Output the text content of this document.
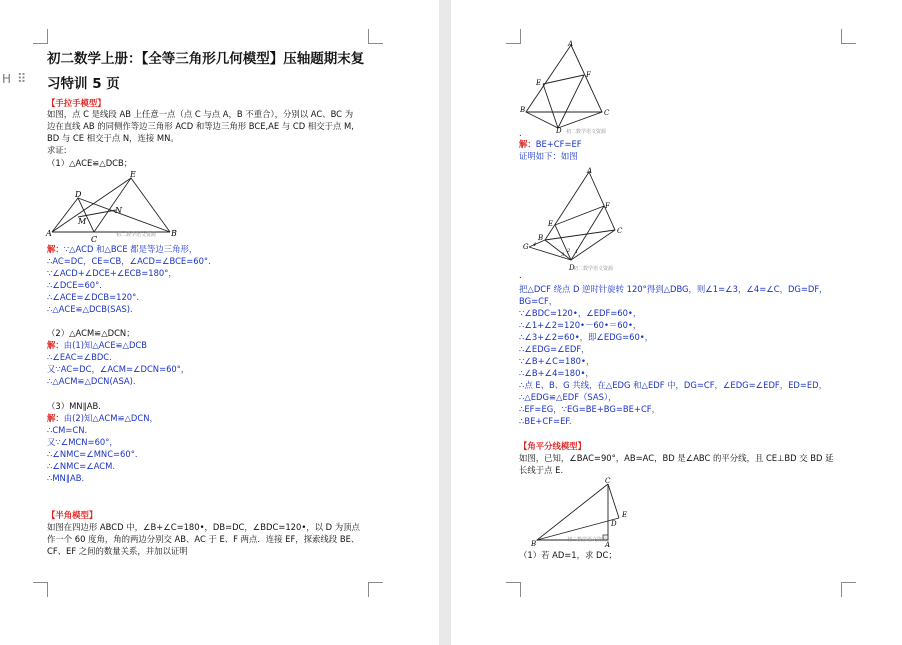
H ⠿
初二数学上册：【全等三角形几何模型】压轴题期末复
习特训 5 页
【手拉手模型】
如图，点 C 是线段 AB 上任意一点（点 C 与点 A，B 不重合），分别以 AC、BC 为
边在直线 AB 的同侧作等边三角形 ACD 和等边三角形 BCE,AE 与 CD 相交于点 M,
BD 与 CE 相交于点 N，连接 MN。
求证:
（1）△ACE≌△DCB；
A
D
M
C
N
E
B
初二数学语文资源
解：∵△ACD 和△BCE 都是等边三角形，
∴AC=DC，CE=CB，∠ACD=∠BCE=60°.
∵∠ACD+∠DCE+∠ECB=180°，
∴∠DCE=60°.
∴∠ACE=∠DCB=120°.
∴△ACE≌△DCB(SAS).
（2）△ACM≌△DCN；
解：由(1)知△ACE≌△DCB
∴∠EAC=∠BDC.
又∵AC=DC，∠ACM=∠DCN=60°，
∴△ACM≌△DCN(ASA).
（3）MN∥AB.
解：由(2)知△ACM≌△DCN，
∴CM=CN.
又∵∠MCN=60°，
∴∠NMC=∠MNC=60°.
∴∠NMC=∠ACM.
∴MN∥AB.
【半角模型】
如图在四边形 ABCD 中，∠B+∠C=180•，DB=DC，∠BDC=120•，以 D 为顶点
作一个 60 度角，角的两边分别交 AB、AC 于 E、F 两点．连接 EF，探索线段 BE、
CF、EF 之间的数量关系，并加以证明
A
E
F
B	C
D 初二数学语文资源
.
解：BE+CF=EF
证明如下：如图
A
F
E
G
B
C
D
1
2
3
4
初二数学语文资源
.
把△DCF 绕点 D 逆时针旋转 120°得到△DBG，则∠1=∠3，∠4=∠C，DG=DF，
BG=CF，
∵∠BDC=120•，∠EDF=60•，
∴∠1+∠2=120•－60•＝60•，
∴∠3+∠2=60•，即∠EDG=60•，
∴∠EDG=∠EDF，
∵∠B+∠C=180•，
∴∠B+∠4=180•，
∴点 E、B、G 共线，在△EDG 和△EDF 中，DG=CF，∠EDG=∠EDF，ED=ED，
∴△EDG≌△EDF（SAS），
∴EF=EG，∵EG=BE+BG=BE+CF，
∴BE+CF=EF.
【角平分线模型】
如图，已知，∠BAC=90°，AB=AC，BD 是∠ABC 的平分线，且 CE⊥BD 交 BD 延
长线于点 E.
C
E
D
B	A
初二数学语文资源
（1）若 AD=1，求 DC；
